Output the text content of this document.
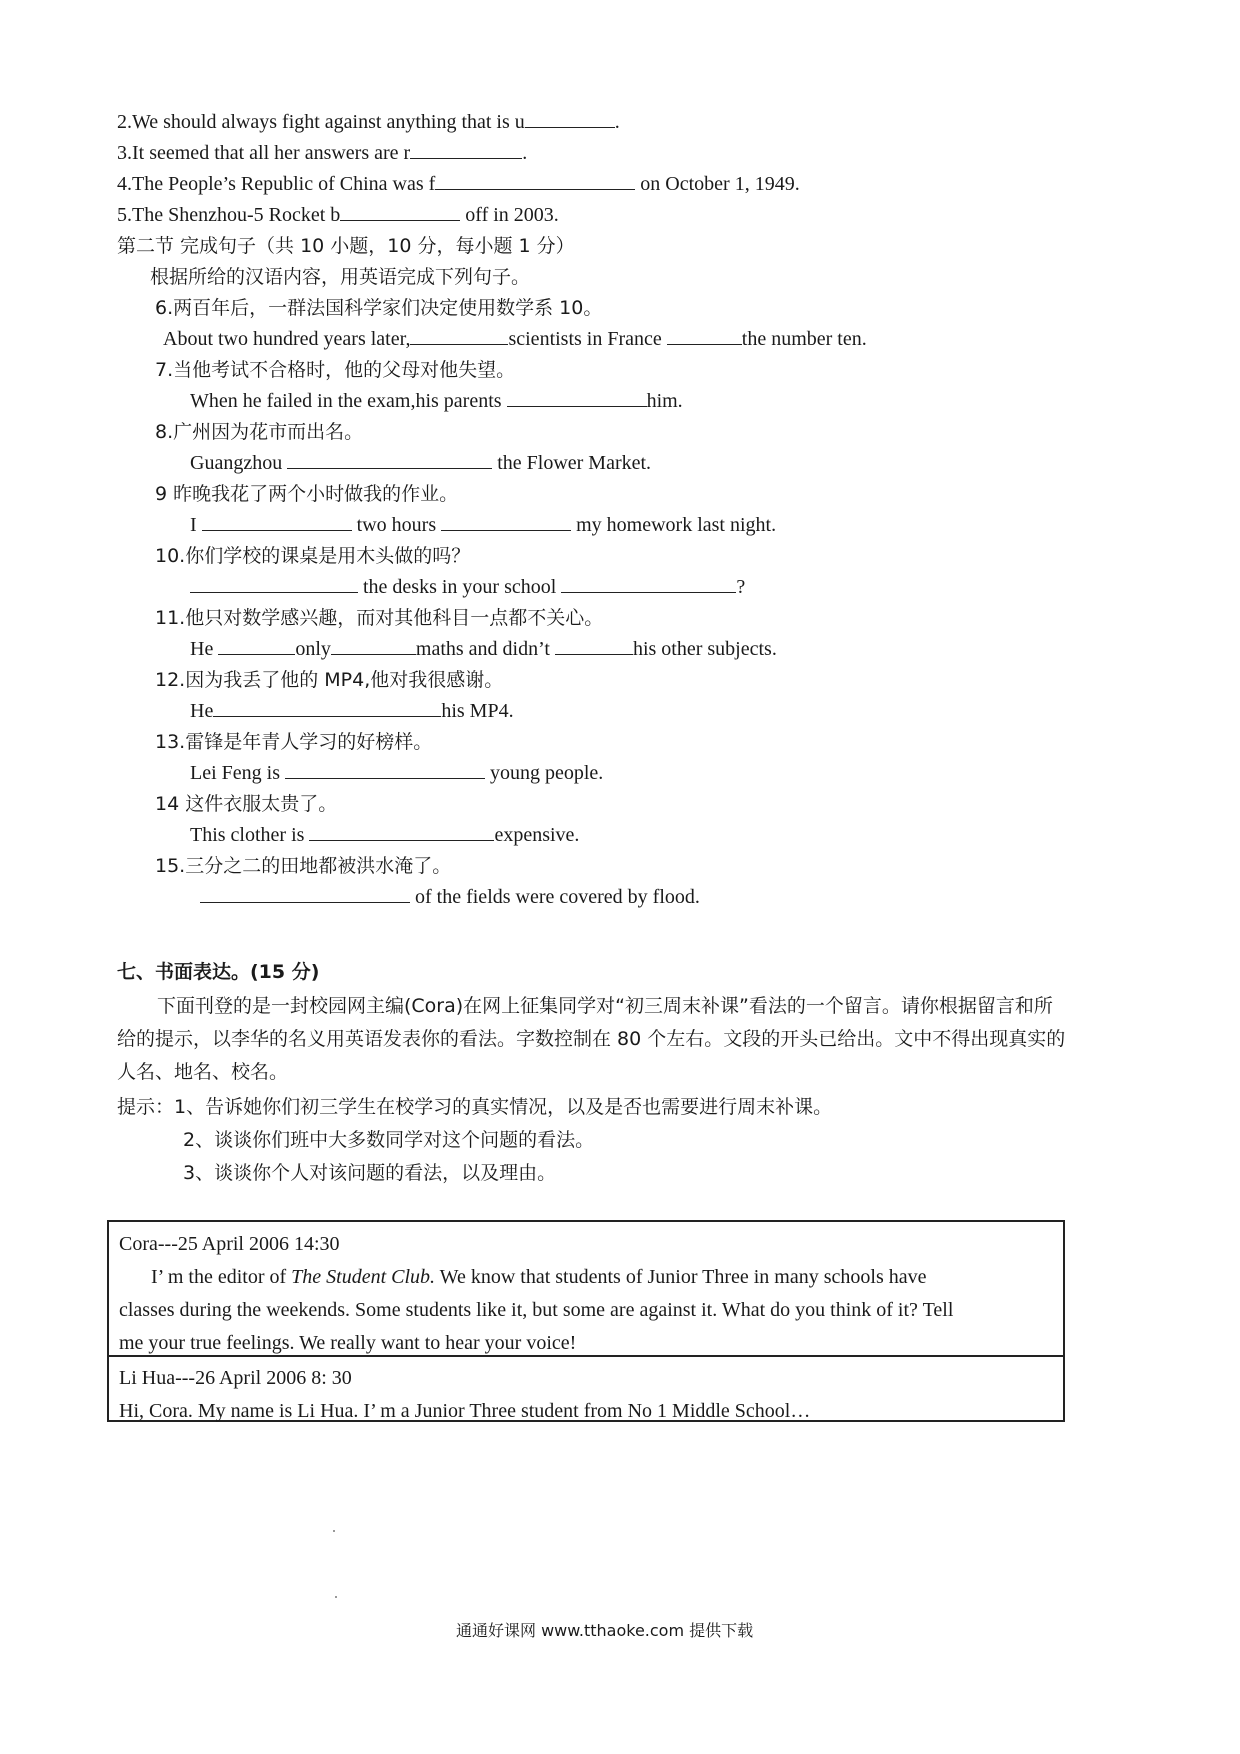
2.We should always fight against anything that is u	.
3.It seemed that all her answers are r	.
4.The People’s Republic of China was f	on October 1, 1949.
5.The Shenzhou-5 Rocket b	off in 2003.
第二节 完成句子（共 10 小题，10 分，每小题 1 分）
根据所给的汉语内容，用英语完成下列句子。
6.两百年后，一群法国科学家们决定使用数学系 10。
About two hundred years later,	scientists in France	the number ten.
7.当他考试不合格时，他的父母对他失望。
When he failed in the exam,his parents	him.
8.广州因为花市而出名。
Guangzhou	the Flower Market.
9 昨晚我花了两个小时做我的作业。
I	two hours	my homework last night.
10.你们学校的课桌是用木头做的吗？
the desks in your school	?
11.他只对数学感兴趣，而对其他科目一点都不关心。
He	only	maths and didn’t	his other subjects.
12.因为我丢了他的 MP4,他对我很感谢。
He	his MP4.
13.雷锋是年青人学习的好榜样。
Lei Feng is	young people.
14 这件衣服太贵了。
This clother is	expensive.
15.三分之二的田地都被洪水淹了。
of the fields were covered by flood.
七、书面表达。(15 分)
下面刊登的是一封校园网主编(Cora)在网上征集同学对“初三周末补课”看法的一个留言。请你根据留言和所
给的提示，以李华的名义用英语发表你的看法。字数控制在 80 个左右。文段的开头已给出。文中不得出现真实的
人名、地名、校名。
提示：1、告诉她你们初三学生在校学习的真实情况，以及是否也需要进行周末补课。
2、谈谈你们班中大多数同学对这个问题的看法。
3、谈谈你个人对该问题的看法，以及理由。
Cora---25 April 2006 14:30
I’ m the editor of The Student Club. We know that students of Junior Three in many schools have
classes during the weekends. Some students like it, but some are against it. What do you think of it? Tell
me your true feelings. We really want to hear your voice!
Li Hua---26 April 2006 8: 30
Hi, Cora. My name is Li Hua. I’ m a Junior Three student from No 1 Middle School…
通通好课网 www.tthaoke.com 提供下载
